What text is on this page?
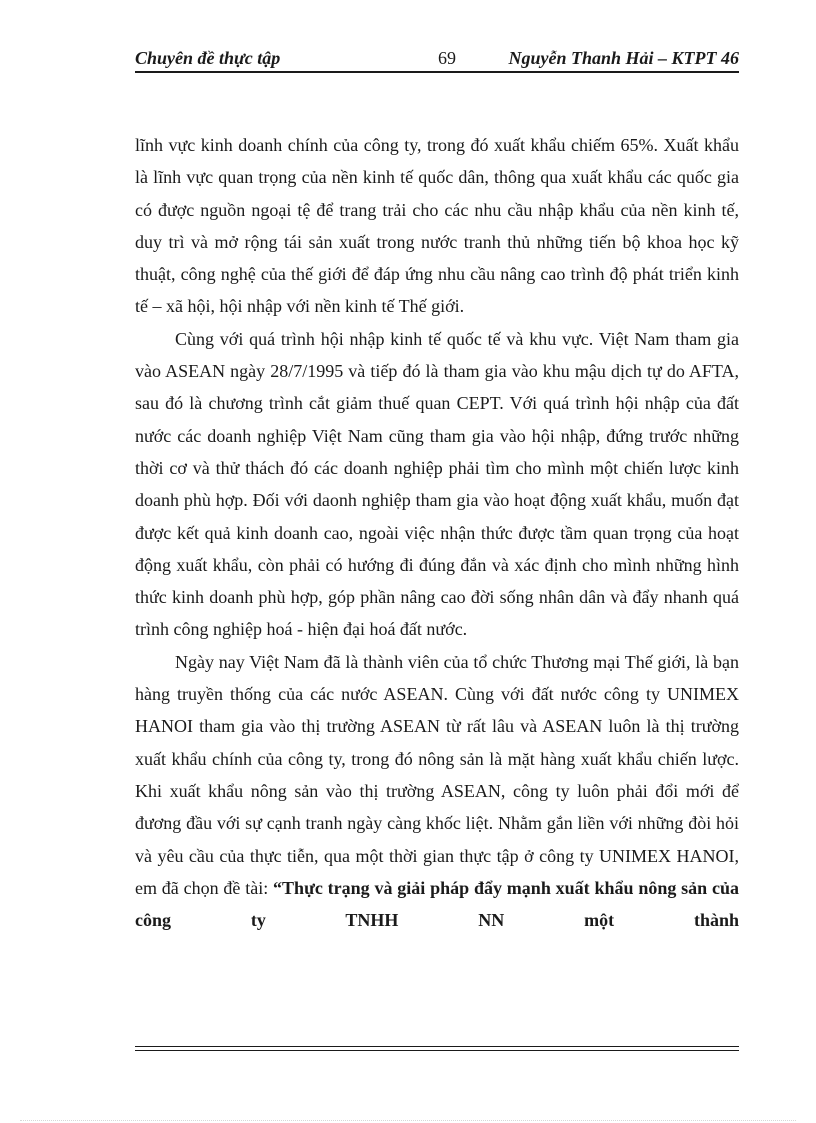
Chuyên đề thực tập	69	Nguyễn Thanh Hải – KTPT 46

lĩnh vực kinh doanh chính của công ty, trong đó xuất khẩu chiếm 65%. Xuất khẩu là lĩnh vực quan trọng của nền kinh tế quốc dân, thông qua xuất khẩu các quốc gia có được nguồn ngoại tệ để trang trải cho các nhu cầu nhập khẩu của nền kinh tế, duy trì và mở rộng tái sản xuất trong nước tranh thủ những tiến bộ khoa học kỹ thuật, công nghệ của thế giới để đáp ứng nhu cầu nâng cao trình độ phát triển kinh tế – xã hội, hội nhập với nền kinh tế Thế giới.

Cùng với quá trình hội nhập kinh tế quốc tế và khu vực. Việt Nam tham gia vào ASEAN ngày 28/7/1995 và tiếp đó là tham gia vào khu mậu dịch tự do AFTA, sau đó là chương trình cắt giảm thuế quan CEPT. Với quá trình hội nhập của đất nước các doanh nghiệp Việt Nam cũng tham gia vào hội nhập, đứng trước những thời cơ và thử thách đó các doanh nghiệp phải tìm cho mình một chiến lược kinh doanh phù hợp. Đối với daonh nghiệp tham gia vào hoạt động xuất khẩu, muốn đạt được kết quả kinh doanh cao, ngoài việc nhận thức được tầm quan trọng của hoạt động xuất khẩu, còn phải có hướng đi đúng đắn và xác định cho mình những hình thức kinh doanh phù hợp, góp phần nâng cao đời sống nhân dân và đẩy nhanh quá trình công nghiệp hoá - hiện đại hoá đất nước.

Ngày nay Việt Nam đã là thành viên của tổ chức Thương mại Thế giới, là bạn hàng truyền thống của các nước ASEAN. Cùng với đất nước công ty UNIMEX HANOI tham gia vào thị trường ASEAN từ rất lâu và ASEAN luôn là thị trường xuất khẩu chính của công ty, trong đó nông sản là mặt hàng xuất khẩu chiến lược. Khi xuất khẩu nông sản vào thị trường ASEAN, công ty luôn phải đổi mới để đương đầu với sự cạnh tranh ngày càng khốc liệt. Nhằm gắn liền với những đòi hỏi và yêu cầu của thực tiễn, qua một thời gian thực tập ở công ty UNIMEX HANOI, em đã chọn đề tài: “Thực trạng và giải pháp đẩy mạnh xuất khẩu nông sản của công ty TNHH NN một thành
